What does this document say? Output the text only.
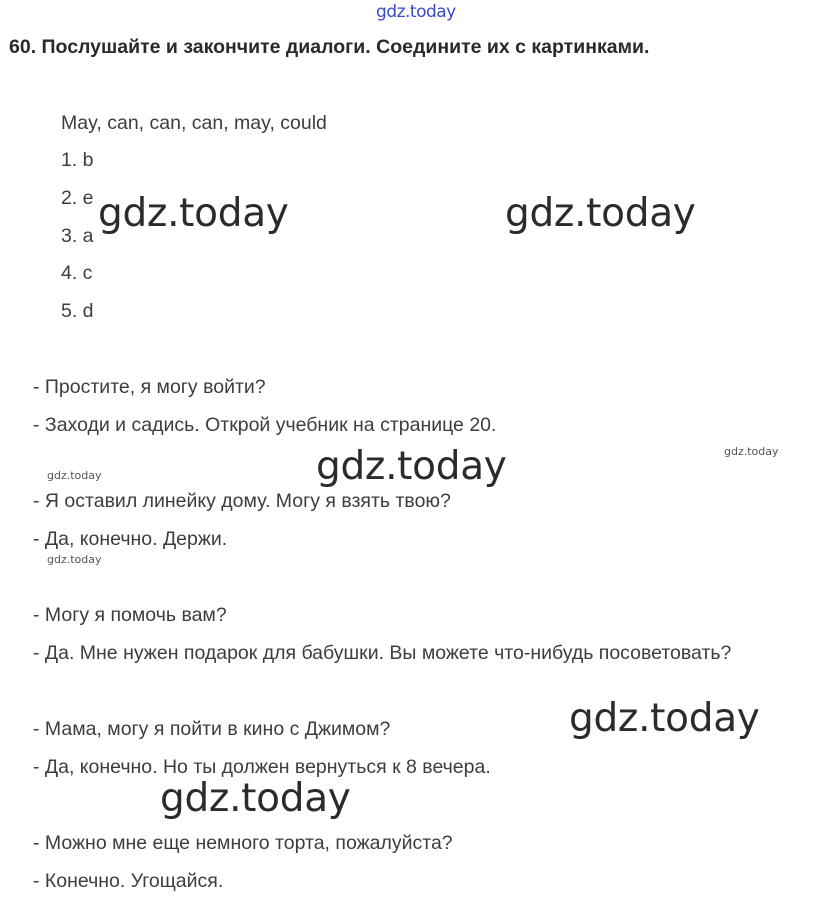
gdz.today
60. Послушайте и закончите диалоги. Соедините их с картинками.
May, can, can, can, may, could
1. b
2. e
3. a
4. c
5. d
- Простите, я могу войти?
- Заходи и садись. Открой учебник на странице 20.
- Я оставил линейку дому. Могу я взять твою?
- Да, конечно. Держи.
- Могу я помочь вам?
- Да. Мне нужен подарок для бабушки. Вы можете что-нибудь посоветовать?
- Мама, могу я пойти в кино с Джимом?
- Да, конечно. Но ты должен вернуться к 8 вечера.
- Можно мне еще немного торта, пожалуйста?
- Конечно. Угощайся.
gdz.today	gdz.today
gdz.today
gdz.today
gdz.today
gdz.today
gdz.today
gdz.today
